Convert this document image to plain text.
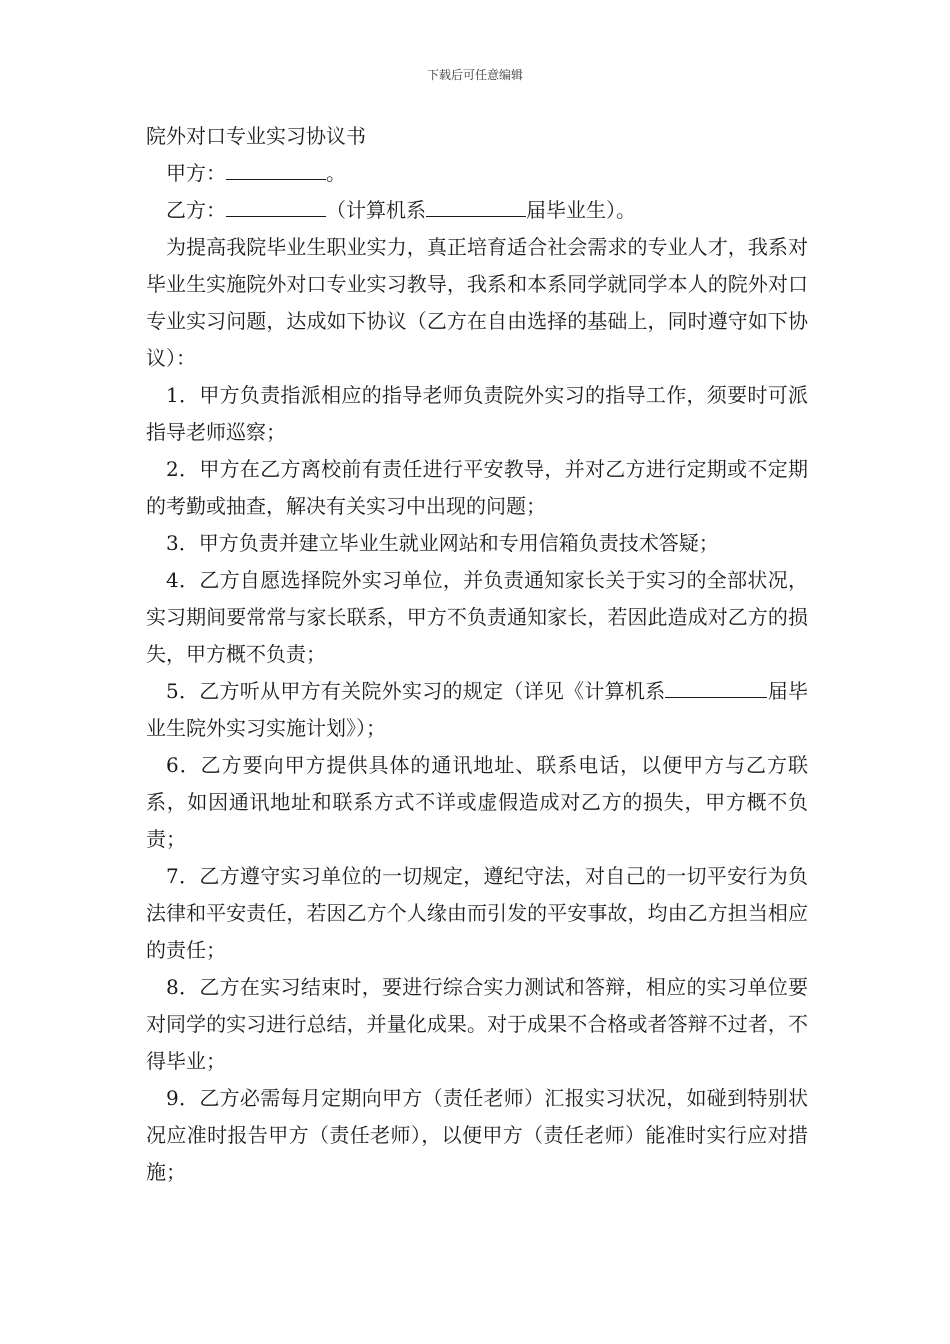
下载后可任意编辑

院外对口专业实习协议书

甲方：	。

乙方：	（计算机系	届毕业生）。

为提高我院毕业生职业实力，真正培育适合社会需求的专业人才，我系对毕业生实施院外对口专业实习教导，我系和本系同学就同学本人的院外对口专业实习问题，达成如下协议（乙方在自由选择的基础上，同时遵守如下协议）：

1．甲方负责指派相应的指导老师负责院外实习的指导工作，须要时可派指导老师巡察；

2．甲方在乙方离校前有责任进行平安教导，并对乙方进行定期或不定期的考勤或抽查，解决有关实习中出现的问题；

3．甲方负责并建立毕业生就业网站和专用信箱负责技术答疑；

4．乙方自愿选择院外实习单位，并负责通知家长关于实习的全部状况，实习期间要常常与家长联系，甲方不负责通知家长，若因此造成对乙方的损失，甲方概不负责；

5．乙方听从甲方有关院外实习的规定（详见《计算机系	届毕业生院外实习实施计划》）；

6．乙方要向甲方提供具体的通讯地址、联系电话，以便甲方与乙方联系，如因通讯地址和联系方式不详或虚假造成对乙方的损失，甲方概不负责；

7．乙方遵守实习单位的一切规定，遵纪守法，对自己的一切平安行为负法律和平安责任，若因乙方个人缘由而引发的平安事故，均由乙方担当相应的责任；

8．乙方在实习结束时，要进行综合实力测试和答辩，相应的实习单位要对同学的实习进行总结，并量化成果。对于成果不合格或者答辩不过者，不得毕业；

9．乙方必需每月定期向甲方（责任老师）汇报实习状况，如碰到特别状况应准时报告甲方（责任老师），以便甲方（责任老师）能准时实行应对措施；
